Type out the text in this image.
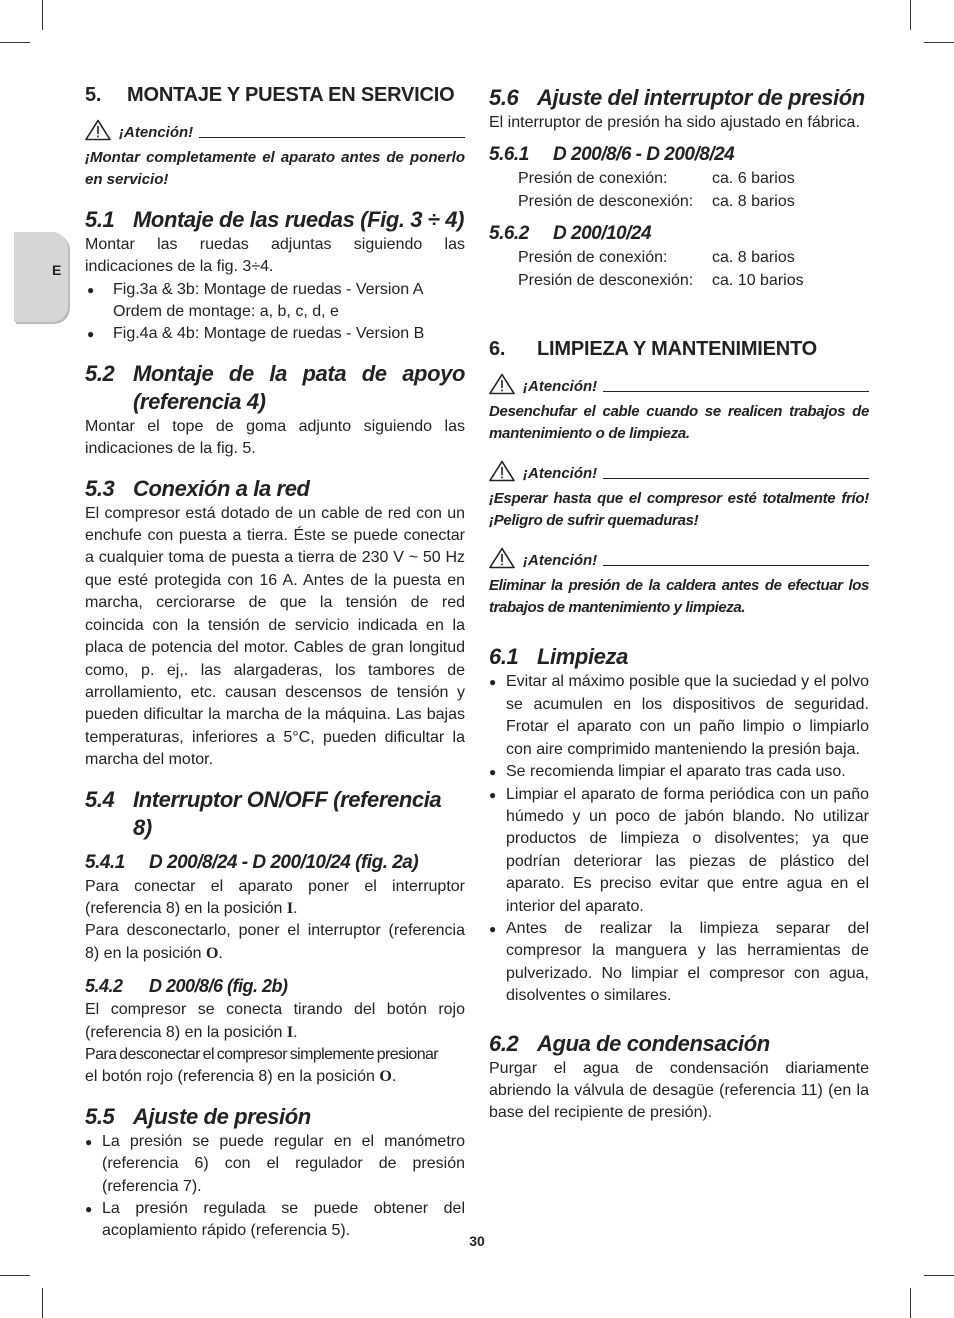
E
5.	MONTAJE Y PUESTA EN SERVICIO
¡Atención!

¡Montar completamente el aparato antes de ponerlo en servicio!

5.1 Montaje de las ruedas (Fig. 3 ÷ 4)

Montar las ruedas adjuntas siguiendo las indicaciones de la fig. 3÷4.

● Fig.3a & 3b: Montage de ruedas - Version A Ordem de montage: a, b, c, d, e
● Fig.4a & 4b: Montage de ruedas - Version B
5.2 Montaje de la pata de apoyo (referencia 4)

Montar el tope de goma adjunto siguiendo las indicaciones de la fig. 5.

5.3 Conexión a la red

El compresor está dotado de un cable de red con un enchufe con puesta a tierra. Éste se puede conectar a cualquier toma de puesta a tierra de 230 V ~ 50 Hz que esté protegida con 16 A. Antes de la puesta en marcha, cerciorarse de que la tensión de red coincida con la tensión de servicio indicada en la placa de potencia del motor. Cables de gran longitud como, p. ej,. las alargaderas, los tambores de arrollamiento, etc. causan descensos de tensión y pueden dificultar la marcha de la máquina. Las bajas temperaturas, inferiores a 5°C, pueden dificultar la marcha del motor.

5.4 Interruptor ON/OFF (referencia 8)
5.4.1	D 200/8/24 - D 200/10/24 (fig. 2a)

Para conectar el aparato poner el interruptor (referencia 8) en la posición I.

Para desconectarlo, poner el interruptor (referencia 8) en la posición O.

5.4.2	D 200/8/6 (fig. 2b)

El compresor se conecta tirando del botón rojo (referencia 8) en la posición I.

Para desconectar el compresor simplemente presionar
el botón rojo (referencia 8) en la posición O.

5.5 Ajuste de presión
● La presión se puede regular en el manómetro (referencia 6) con el regulador de presión (referencia 7).
● La presión regulada se puede obtener del acoplamiento rápido (referencia 5).
5.6 Ajuste del interruptor de presión

El interruptor de presión ha sido ajustado en fábrica.

5.6.1	D 200/8/6 - D 200/8/24
Presión de conexión:	ca. 6 barios
Presión de desconexión:	ca. 8 barios
5.6.2	D 200/10/24
Presión de conexión:	ca. 8 barios
Presión de desconexión:	ca. 10 barios
6.	LIMPIEZA Y MANTENIMIENTO
¡Atención!

Desenchufar el cable cuando se realicen trabajos de mantenimiento o de limpieza.

¡Atención!

¡Esperar hasta que el compresor esté totalmente frío! ¡Peligro de sufrir quemaduras!

¡Atención!

Eliminar la presión de la caldera antes de efectuar los trabajos de mantenimiento y limpieza.

6.1 Limpieza
● Evitar al máximo posible que la suciedad y el polvo se acumulen en los dispositivos de seguridad. Frotar el aparato con un paño limpio o limpiarlo con aire comprimido manteniendo la presión baja.
● Se recomienda limpiar el aparato tras cada uso.
● Limpiar el aparato de forma periódica con un paño húmedo y un poco de jabón blando. No utilizar productos de limpieza o disolventes; ya que podrían deteriorar las piezas de plástico del aparato. Es preciso evitar que entre agua en el interior del aparato.
● Antes de realizar la limpieza separar del compresor la manguera y las herramientas de pulverizado. No limpiar el compresor con agua, disolventes o similares.
6.2 Agua de condensación

Purgar el agua de condensación diariamente abriendo la válvula de desagüe (referencia 11) (en la base del recipiente de presión).

30
